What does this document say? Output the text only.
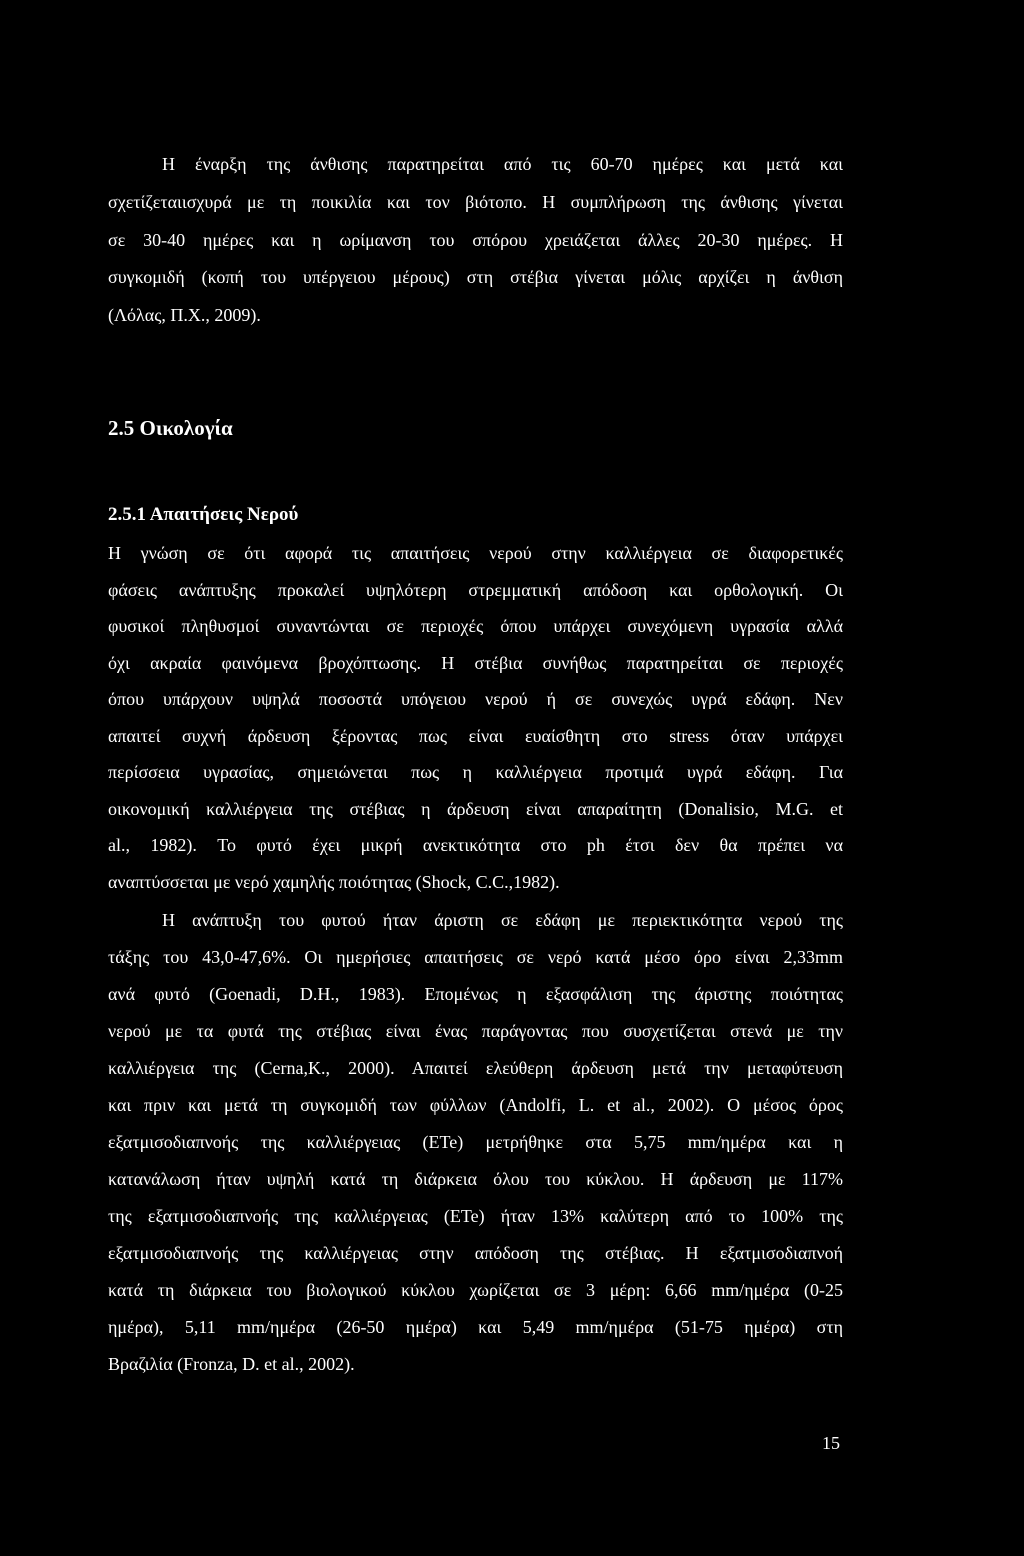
Η έναρξη της άνθισης παρατηρείται από τις 60-70 ημέρες και μετά και
σχετίζεταιισχυρά με τη ποικιλία και τον βιότοπο. Η συμπλήρωση της άνθισης γίνεται
σε 30-40 ημέρες και η ωρίμανση του σπόρου χρειάζεται άλλες 20-30 ημέρες. Η
συγκομιδή (κοπή του υπέργειου μέρους) στη στέβια γίνεται μόλις αρχίζει η άνθιση
(Λόλας, Π.Χ., 2009).
2.5 Οικολογία
2.5.1 Απαιτήσεις Νερού
Η γνώση σε ότι αφορά τις απαιτήσεις νερού στην καλλιέργεια σε διαφορετικές
φάσεις ανάπτυξης προκαλεί υψηλότερη στρεμματική απόδοση και ορθολογική. Οι
φυσικοί πληθυσμοί συναντώνται σε περιοχές όπου υπάρχει συνεχόμενη υγρασία αλλά
όχι ακραία φαινόμενα βροχόπτωσης. Η στέβια συνήθως παρατηρείται σε περιοχές
όπου υπάρχουν υψηλά ποσοστά υπόγειου νερού ή σε συνεχώς υγρά εδάφη. Νεν
απαιτεί συχνή άρδευση ξέροντας πως είναι ευαίσθητη στο stress όταν υπάρχει
περίσσεια υγρασίας, σημειώνεται πως η καλλιέργεια προτιμά υγρά εδάφη. Για
οικονομική καλλιέργεια της στέβιας η άρδευση είναι απαραίτητη (Donalisio, M.G. et
al., 1982). Το φυτό έχει μικρή ανεκτικότητα στο ph έτσι δεν θα πρέπει να
αναπτύσσεται με νερό χαμηλής ποιότητας (Shock, C.C.,1982).
Η ανάπτυξη του φυτού ήταν άριστη σε εδάφη με περιεκτικότητα νερού της
τάξης του 43,0-47,6%. Οι ημερήσιες απαιτήσεις σε νερό κατά μέσο όρο είναι 2,33mm
ανά φυτό (Goenadi, D.H., 1983). Επομένως η εξασφάλιση της άριστης ποιότητας
νερού με τα φυτά της στέβιας είναι ένας παράγοντας που συσχετίζεται στενά με την
καλλιέργεια της (Cerna,K., 2000). Απαιτεί ελεύθερη άρδευση μετά την μεταφύτευση
και πριν και μετά τη συγκομιδή των φύλλων (Andolfi, L. et al., 2002). Ο μέσος όρος
εξατμισοδιαπνοής της καλλιέργειας (ETe) μετρήθηκε στα 5,75 mm/ημέρα και η
κατανάλωση ήταν υψηλή κατά τη διάρκεια όλου του κύκλου. Η άρδευση με 117%
της εξατμισοδιαπνοής της καλλιέργειας (ETe) ήταν 13% καλύτερη από το 100% της
εξατμισοδιαπνοής της καλλιέργειας στην απόδοση της στέβιας. Η εξατμισοδιαπνοή
κατά τη διάρκεια του βιολογικού κύκλου χωρίζεται σε 3 μέρη: 6,66 mm/ημέρα (0-25
ημέρα), 5,11 mm/ημέρα (26-50 ημέρα) και 5,49 mm/ημέρα (51-75 ημέρα) στη
Βραζιλία (Fronza, D. et al., 2002).
15
